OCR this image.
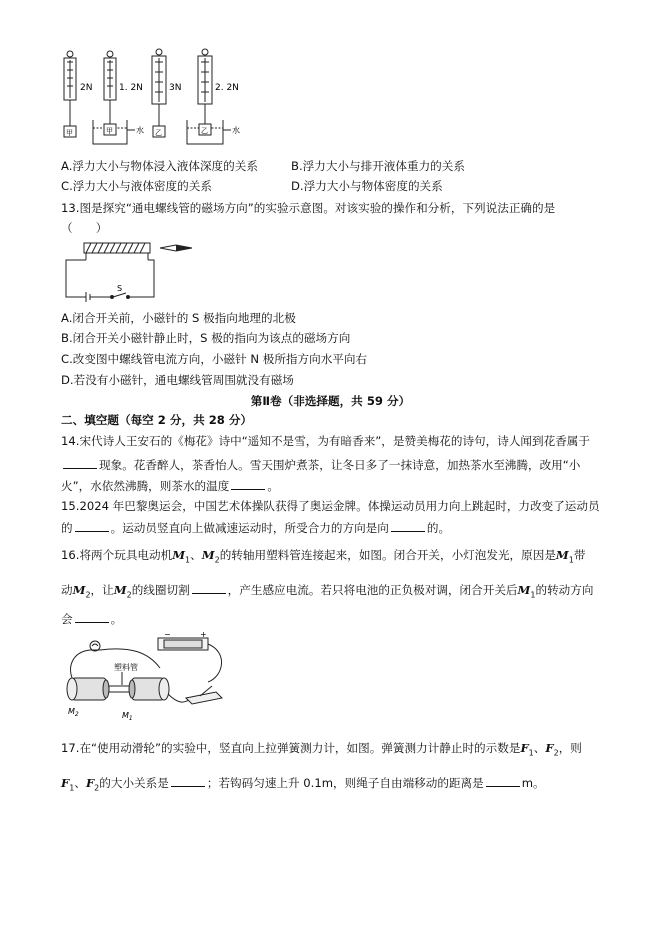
2N	1. 2N	3N	2. 2N
甲	甲	乙	乙
水	水
A.浮力大小与物体浸入液体深度的关系	B.浮力大小与排开液体重力的关系
C.浮力大小与液体密度的关系	D.浮力大小与物体密度的关系
13.图是探究“通电螺线管的磁场方向”的实验示意图。对该实验的操作和分析，下列说法正确的是
（　　）
S
A.闭合开关前，小磁针的 S 极指向地理的北极
B.闭合开关小磁针静止时，S 极的指向为该点的磁场方向
C.改变图中螺线管电流方向，小磁针 N 极所指方向水平向右
D.若没有小磁针，通电螺线管周围就没有磁场
第Ⅱ卷（非选择题，共 59 分）
二、填空题（每空 2 分，共 28 分）
14.宋代诗人王安石的《梅花》诗中“遥知不是雪，为有暗香来”，是赞美梅花的诗句，诗人闻到花香属于
现象。花香醉人，茶香怡人。雪天围炉煮茶，让冬日多了一抹诗意，加热茶水至沸腾，改用“小
火”，水依然沸腾，则茶水的温度	。
15.2024 年巴黎奥运会，中国艺术体操队获得了奥运金牌。体操运动员用力向上跳起时，力改变了运动员
的	。运动员竖直向上做减速运动时，所受合力的方向是向	的。
16.将两个玩具电动机$M_1$、$M_2$的转轴用塑料管连接起来，如图。闭合开关，小灯泡发光，原因是$M_1$带
动$M_2$，让$M_2$的线圈切割	，产生感应电流。若只将电池的正负极对调，闭合开关后$M_1$的转动方向
会	。
−	+
塑料管
$M_2$	$M_1$
17.在“使用动滑轮”的实验中，竖直向上拉弹簧测力计，如图。弹簧测力计静止时的示数是$F_1$、$F_2$，则
$F_1$、$F_2$的大小关系是	；若钩码匀速上升 0.1m，则绳子自由端移动的距离是	m。
